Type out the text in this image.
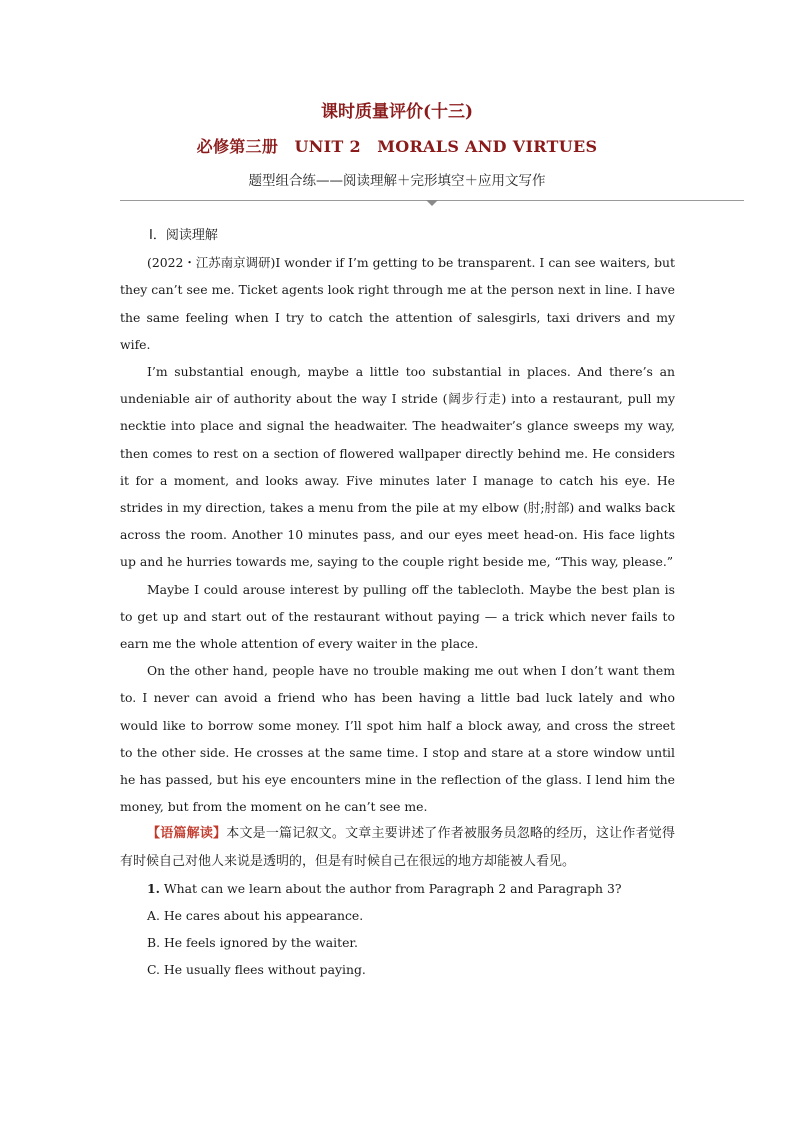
课时质量评价(十三)
必修第三册　UNIT 2　MORALS AND VIRTUES
题型组合练——阅读理解＋完形填空＋应用文写作

Ⅰ．阅读理解

(2022・江苏南京调研)I wonder if I’m getting to be transparent. I can see waiters, but they can’t see me. Ticket agents look right through me at the person next in line. I have the same feeling when I try to catch the attention of salesgirls, taxi drivers and my wife.

I’m substantial enough, maybe a little too substantial in places. And there’s an undeniable air of authority about the way I stride (阔步行走) into a restaurant, pull my necktie into place and signal the headwaiter. The headwaiter’s glance sweeps my way, then comes to rest on a section of flowered wallpaper directly behind me. He considers it for a moment, and looks away. Five minutes later I manage to catch his eye. He strides in my direction, takes a menu from the pile at my elbow (肘;肘部) and walks back across the room. Another 10 minutes pass, and our eyes meet head-on. His face lights up and he hurries towards me, saying to the couple right beside me, “This way, please.”

Maybe I could arouse interest by pulling off the tablecloth. Maybe the best plan is to get up and start out of the restaurant without paying — a trick which never fails to earn me the whole attention of every waiter in the place.

On the other hand, people have no trouble making me out when I don’t want them to. I never can avoid a friend who has been having a little bad luck lately and who would like to borrow some money. I’ll spot him half a block away, and cross the street to the other side. He crosses at the same time. I stop and stare at a store window until he has passed, but his eye encounters mine in the reflection of the glass. I lend him the money, but from the moment on he can’t see me.

【语篇解读】本文是一篇记叙文。文章主要讲述了作者被服务员忽略的经历，这让作者觉得有时候自己对他人来说是透明的，但是有时候自己在很远的地方却能被人看见。

1. What can we learn about the author from Paragraph 2 and Paragraph 3?

A. He cares about his appearance.

B. He feels ignored by the waiter.

C. He usually flees without paying.
